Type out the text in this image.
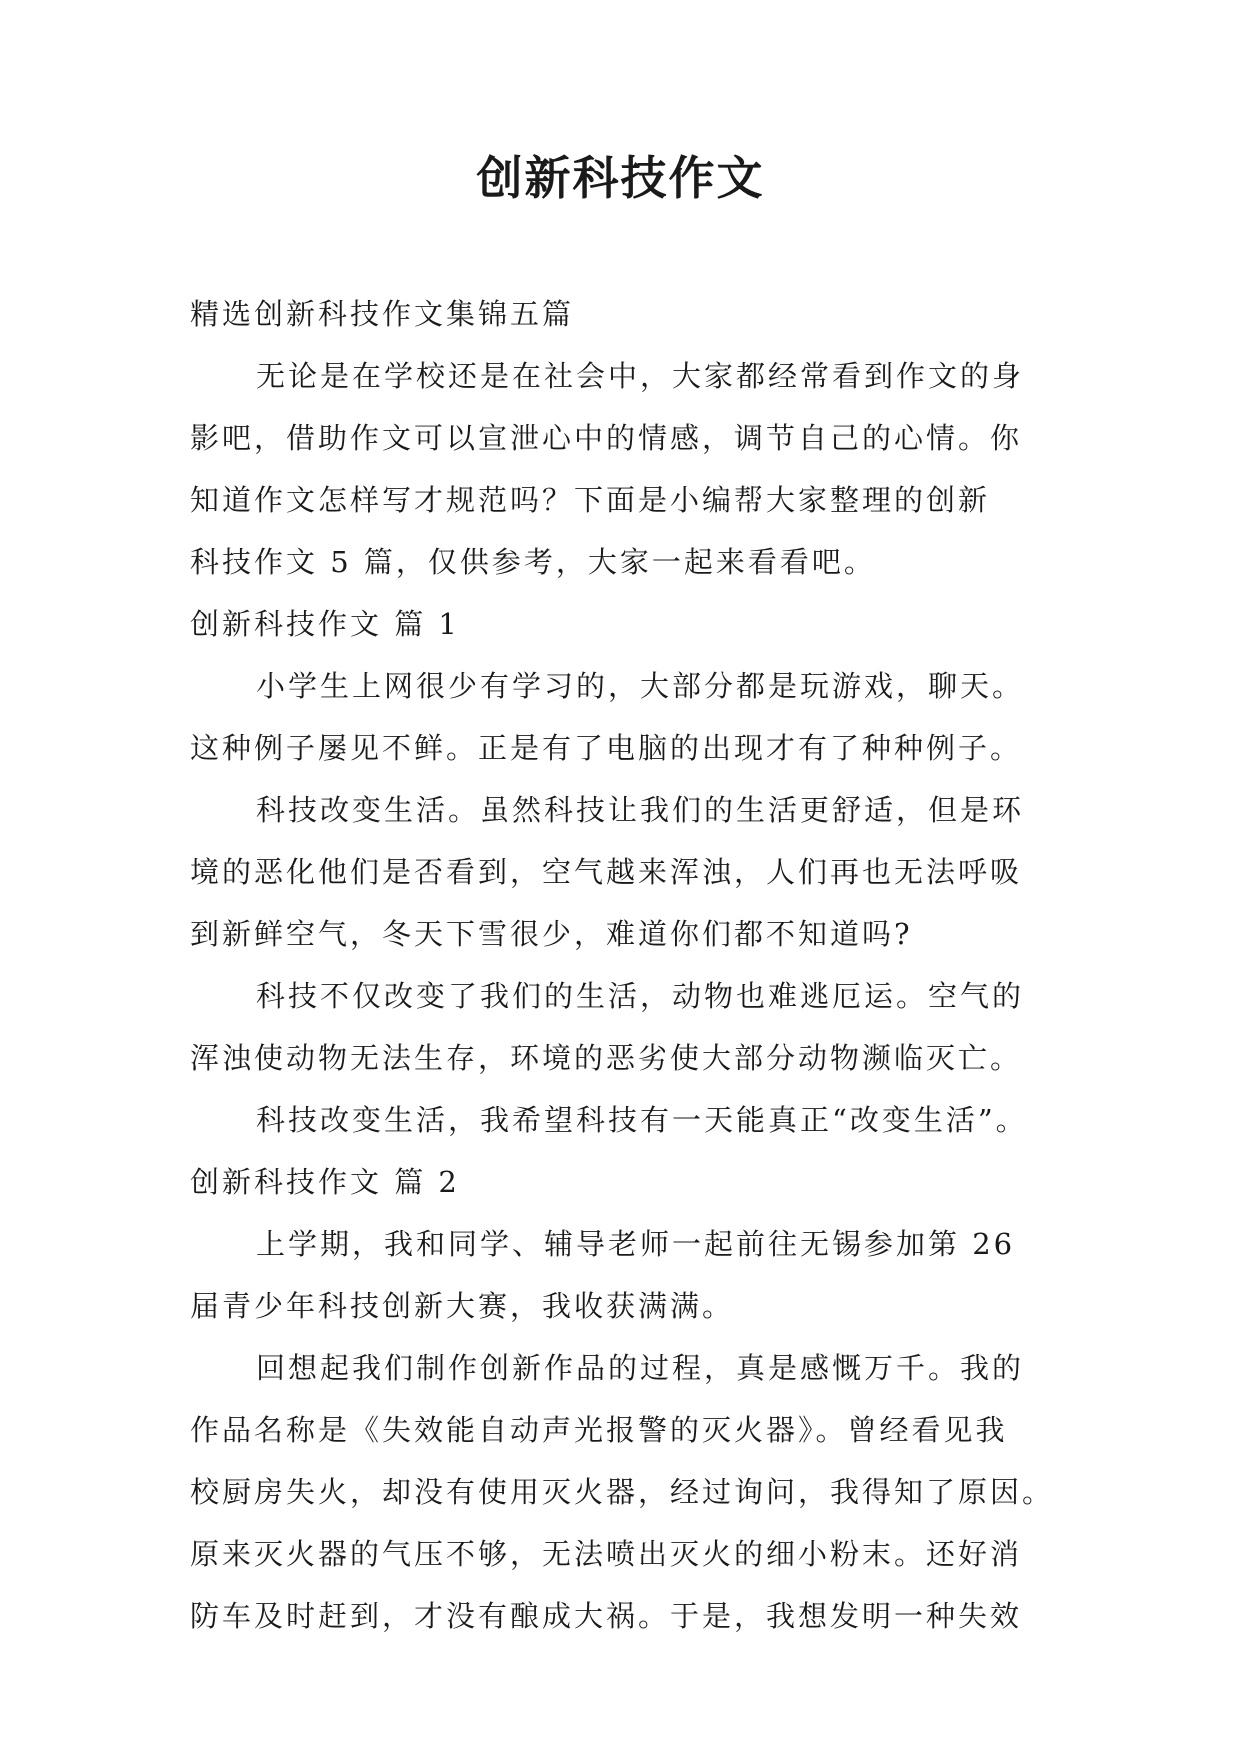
创新科技作文
精选创新科技作文集锦五篇
无论是在学校还是在社会中，大家都经常看到作文的身
影吧，借助作文可以宣泄心中的情感，调节自己的心情。你
知道作文怎样写才规范吗？下面是小编帮大家整理的创新
科技作文 5 篇，仅供参考，大家一起来看看吧。
创新科技作文 篇 1
小学生上网很少有学习的，大部分都是玩游戏，聊天。
这种例子屡见不鲜。正是有了电脑的出现才有了种种例子。
科技改变生活。虽然科技让我们的生活更舒适，但是环
境的恶化他们是否看到，空气越来浑浊，人们再也无法呼吸
到新鲜空气，冬天下雪很少，难道你们都不知道吗?
科技不仅改变了我们的生活，动物也难逃厄运。空气的
浑浊使动物无法生存，环境的恶劣使大部分动物濒临灭亡。
科技改变生活，我希望科技有一天能真正“改变生活”。
创新科技作文 篇 2
上学期，我和同学、辅导老师一起前往无锡参加第 26
届青少年科技创新大赛，我收获满满。
回想起我们制作创新作品的过程，真是感慨万千。我的
作品名称是《失效能自动声光报警的灭火器》。曾经看见我
校厨房失火，却没有使用灭火器，经过询问，我得知了原因。
原来灭火器的气压不够，无法喷出灭火的细小粉末。还好消
防车及时赶到，才没有酿成大祸。于是，我想发明一种失效
